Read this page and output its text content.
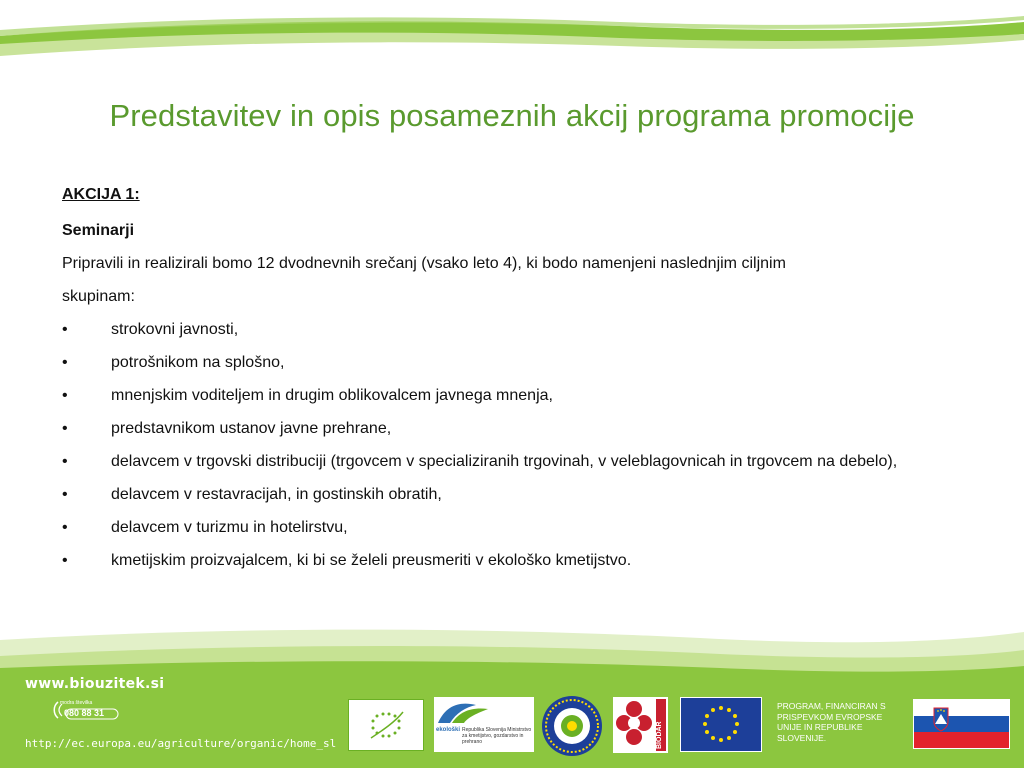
Predstavitev in opis posameznih akcij programa promocije
AKCIJA 1:
Seminarji
Pripravili in realizirali bomo 12 dvodnevnih srečanj (vsako leto 4), ki bodo namenjeni naslednjim ciljnim
skupinam:
• strokovni javnosti,
• potrošnikom na splošno,
• mnenjskim voditeljem in drugim oblikovalcem javnega mnenja,
• predstavnikom ustanov javne prehrane,
• delavcem v trgovski distribuciji (trgovcem v specializiranih trgovinah, v veleblagovnicah in trgovcem na debelo),
• delavcem v restavracijah, in gostinskih obratih,
• delavcem v turizmu in hotelirstvu,
• kmetijskim proizvajalcem, ki bi se želeli preusmeriti v ekološko kmetijstvo.
www.biouzitek.si
modra številka
080 88 31
http://ec.europa.eu/agriculture/organic/home_sl
ekološki Republika Slovenija Ministrstvo za kmetijstvo, gozdarstvo in prehrano	BIODAR
PROGRAM, FINANCIRAN S PRISPEVKOM EVROPSKE UNIJE IN REPUBLIKE SLOVENIJE.
